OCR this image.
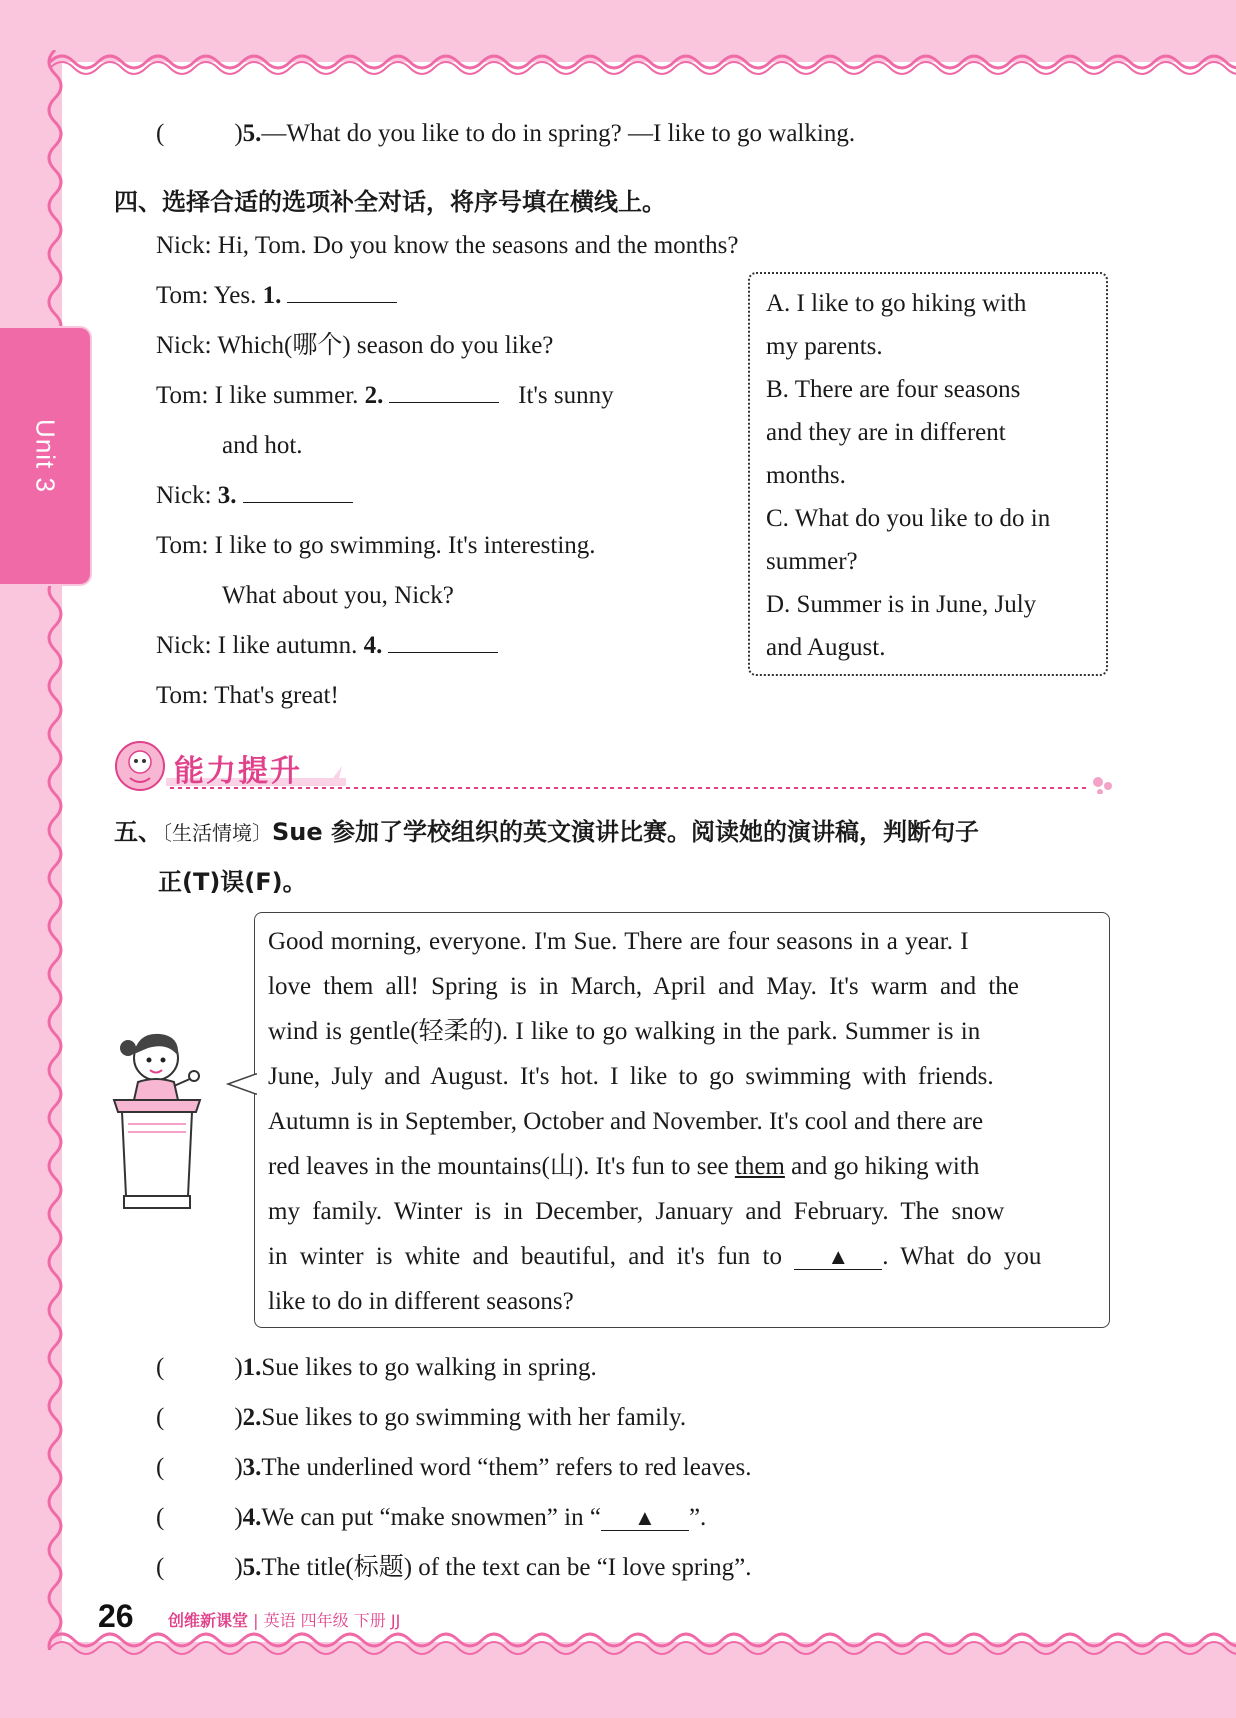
Unit 3
(	)5.—What do you like to do in spring? —I like to go walking.
四、选择合适的选项补全对话，将序号填在横线上。
Nick: Hi, Tom. Do you know the seasons and the months?
Tom: Yes. 1.
Nick: Which(哪个) season do you like?
Tom: I like summer. 2.	It's sunny
and hot.
Nick: 3.
Tom: I like to go swimming. It's interesting.
What about you, Nick?
Nick: I like autumn. 4.
Tom: That's great!
A. I like to go hiking with
my parents.
B. There are four seasons
and they are in different
months.
C. What do you like to do in
summer?
D. Summer is in June, July
and August.
能力提升
五、〔生活情境〕Sue 参加了学校组织的英文演讲比赛。阅读她的演讲稿，判断句子
正(T)误(F)。
Good morning, everyone. I'm Sue. There are four seasons in a year. I
love them all! Spring is in March, April and May. It's warm and the
wind is gentle(轻柔的). I like to go walking in the park. Summer is in
June, July and August. It's hot. I like to go swimming with friends.
Autumn is in September, October and November. It's cool and there are
red leaves in the mountains(山). It's fun to see them and go hiking with
my family. Winter is in December, January and February. The snow
in winter is white and beautiful, and it's fun to ▲ . What do you
like to do in different seasons?
(	)1.Sue likes to go walking in spring.
(	)2.Sue likes to go swimming with her family.
(	)3.The underlined word “them” refers to red leaves.
(	)4.We can put “make snowmen” in “ ▲ ”.
(	)5.The title(标题) of the text can be “I love spring”.
26 创维新课堂 | 英语 四年级 下册 JJ
